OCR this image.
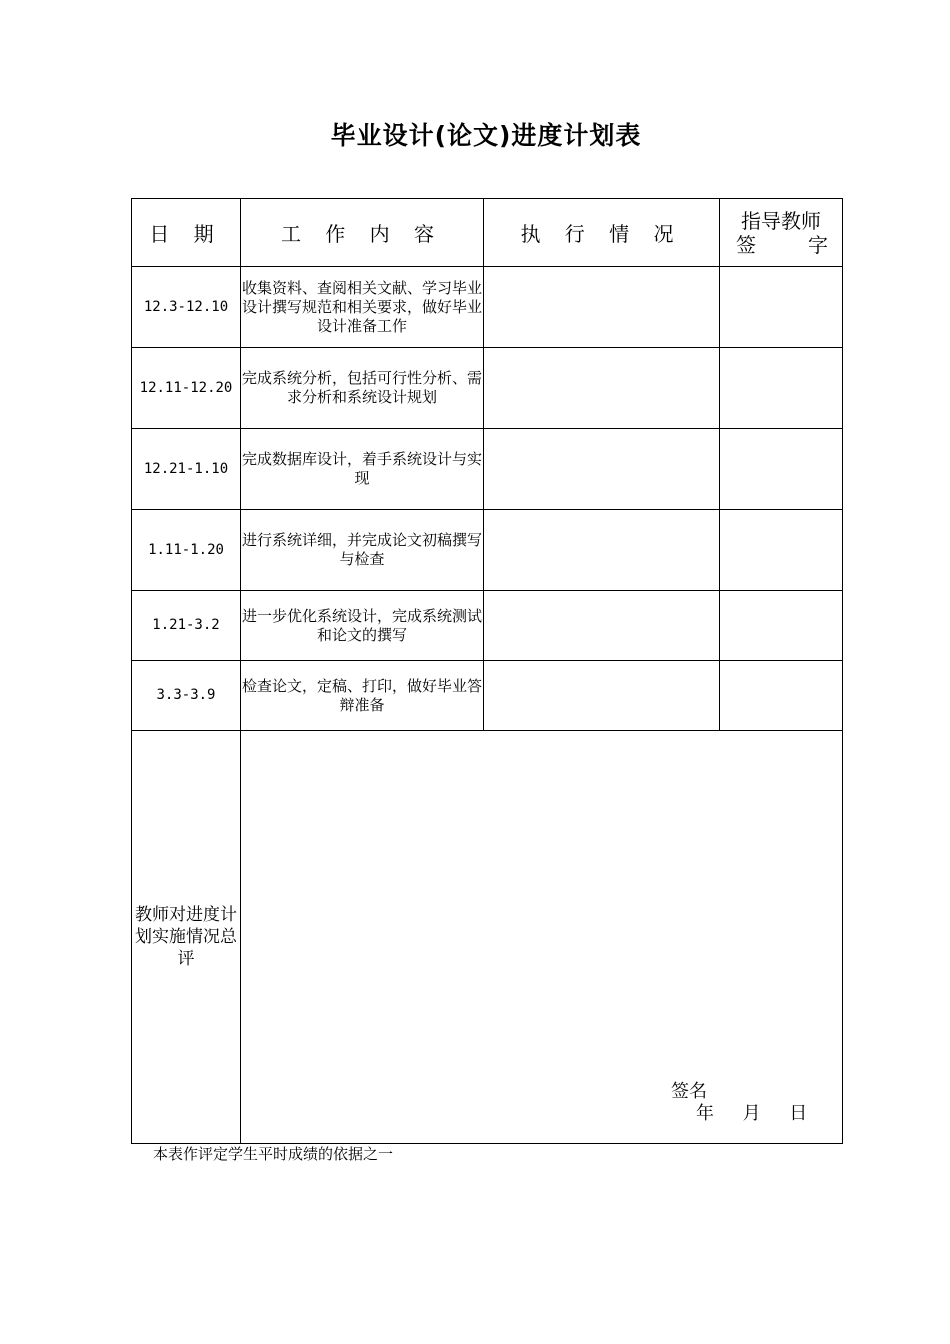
毕业设计(论文)进度计划表
日 期	工 作 内 容	执 行 情 况	指导教师
签 字

12.3-12.10	收集资料、查阅相关文献、学习毕业设计撰写规范和相关要求，做好毕业设计准备工作		
12.11-12.20	完成系统分析，包括可行性分析、需求分析和系统设计规划		
12.21-1.10	完成数据库设计，着手系统设计与实现		
1.11-1.20	进行系统详细，并完成论文初稿撰写与检查		
1.21-3.2	进一步优化系统设计，完成系统测试和论文的撰写		
3.3-3.9	检查论文，定稿、打印，做好毕业答辩准备		
教师对进度计划实施情况总评	签名
年     月     日		
本表作评定学生平时成绩的依据之一
